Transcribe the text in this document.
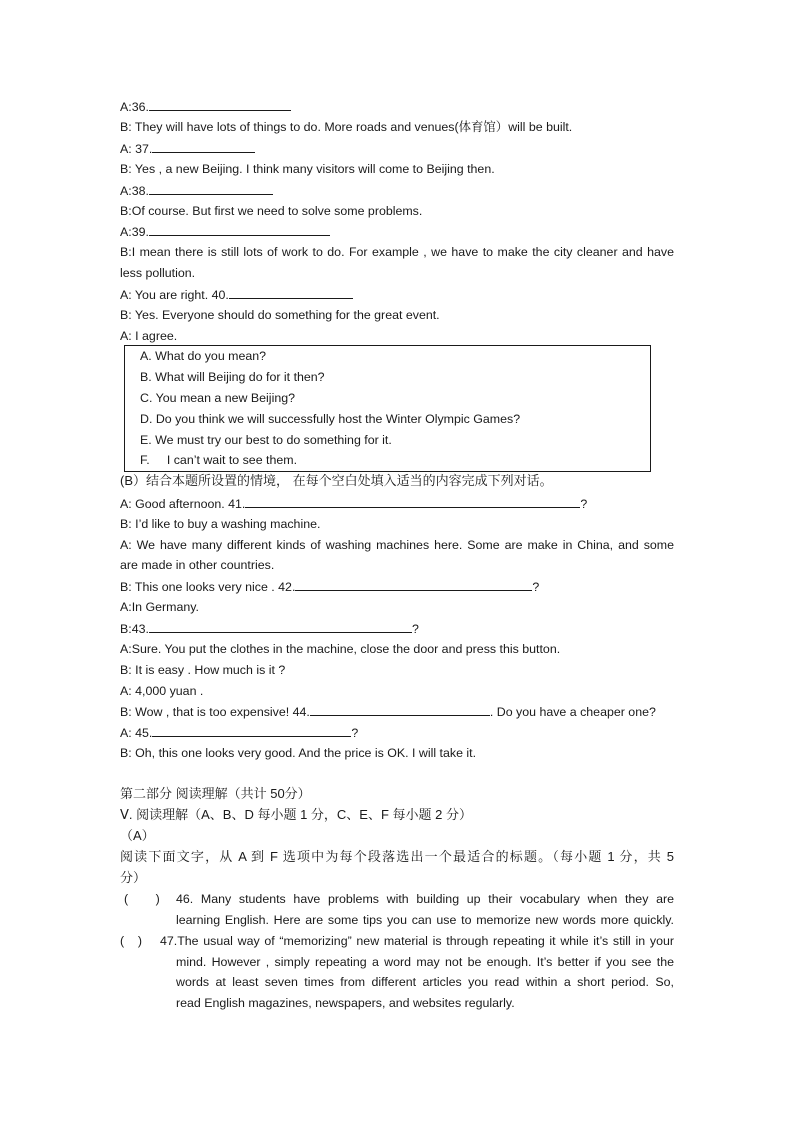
A:36.
B: They will have lots of things to do. More roads and venues(体育馆）will be built.
A: 37.
B: Yes , a new Beijing. I think many visitors will come to Beijing then.
A:38.
B:Of course. But first we need to solve some problems.
A:39.
B:I mean there is still lots of work to do. For example , we have to make the city cleaner and have
less pollution.
A: You are right. 40.
B: Yes. Everyone should do something for the great event.
A: I agree.
A. What do you mean?
B. What will Beijing do for it then?
C. You mean a new Beijing?
D. Do you think we will successfully host the Winter Olympic Games?
E. We must try our best to do something for it.
F.     I can’t wait to see them.
(B）结合本题所设置的情境， 在每个空白处填入适当的内容完成下列对话。
A: Good afternoon. 41.	?
B: I’d like to buy a washing machine.
A: We have many different kinds of washing machines here. Some are make in China, and some
are made in other countries.
B: This one looks very nice . 42.	?
A:In Germany.
B:43.	?
A:Sure. You put the clothes in the machine, close the door and press this button.
B: It is easy . How much is it ?
A: 4,000 yuan .
B: Wow , that is too expensive! 44.	. Do you have a cheaper one?
A: 45.	?
B: Oh, this one looks very good. And the price is OK. I will take it.
第二部分 阅读理解（共计 50分）
Ⅴ. 阅读理解（A、B、D 每小题 1 分，C、E、F 每小题 2 分）
（A）
阅读下面文字，从 A 到 F 选项中为每个段落选出一个最适合的标题。（每小题 1 分，共 5
分）
(        ) 46. Many students have problems with building up their vocabulary when they are
learning English. Here are some tips you can use to memorize new words more quickly.
(    ) 47.The usual way of “memorizing” new material is through repeating it while it’s still in your
mind. However , simply repeating a word may not be enough. It’s better if you see the
words at least seven times from different articles you read within a short period. So,
read English magazines, newspapers, and websites regularly.
